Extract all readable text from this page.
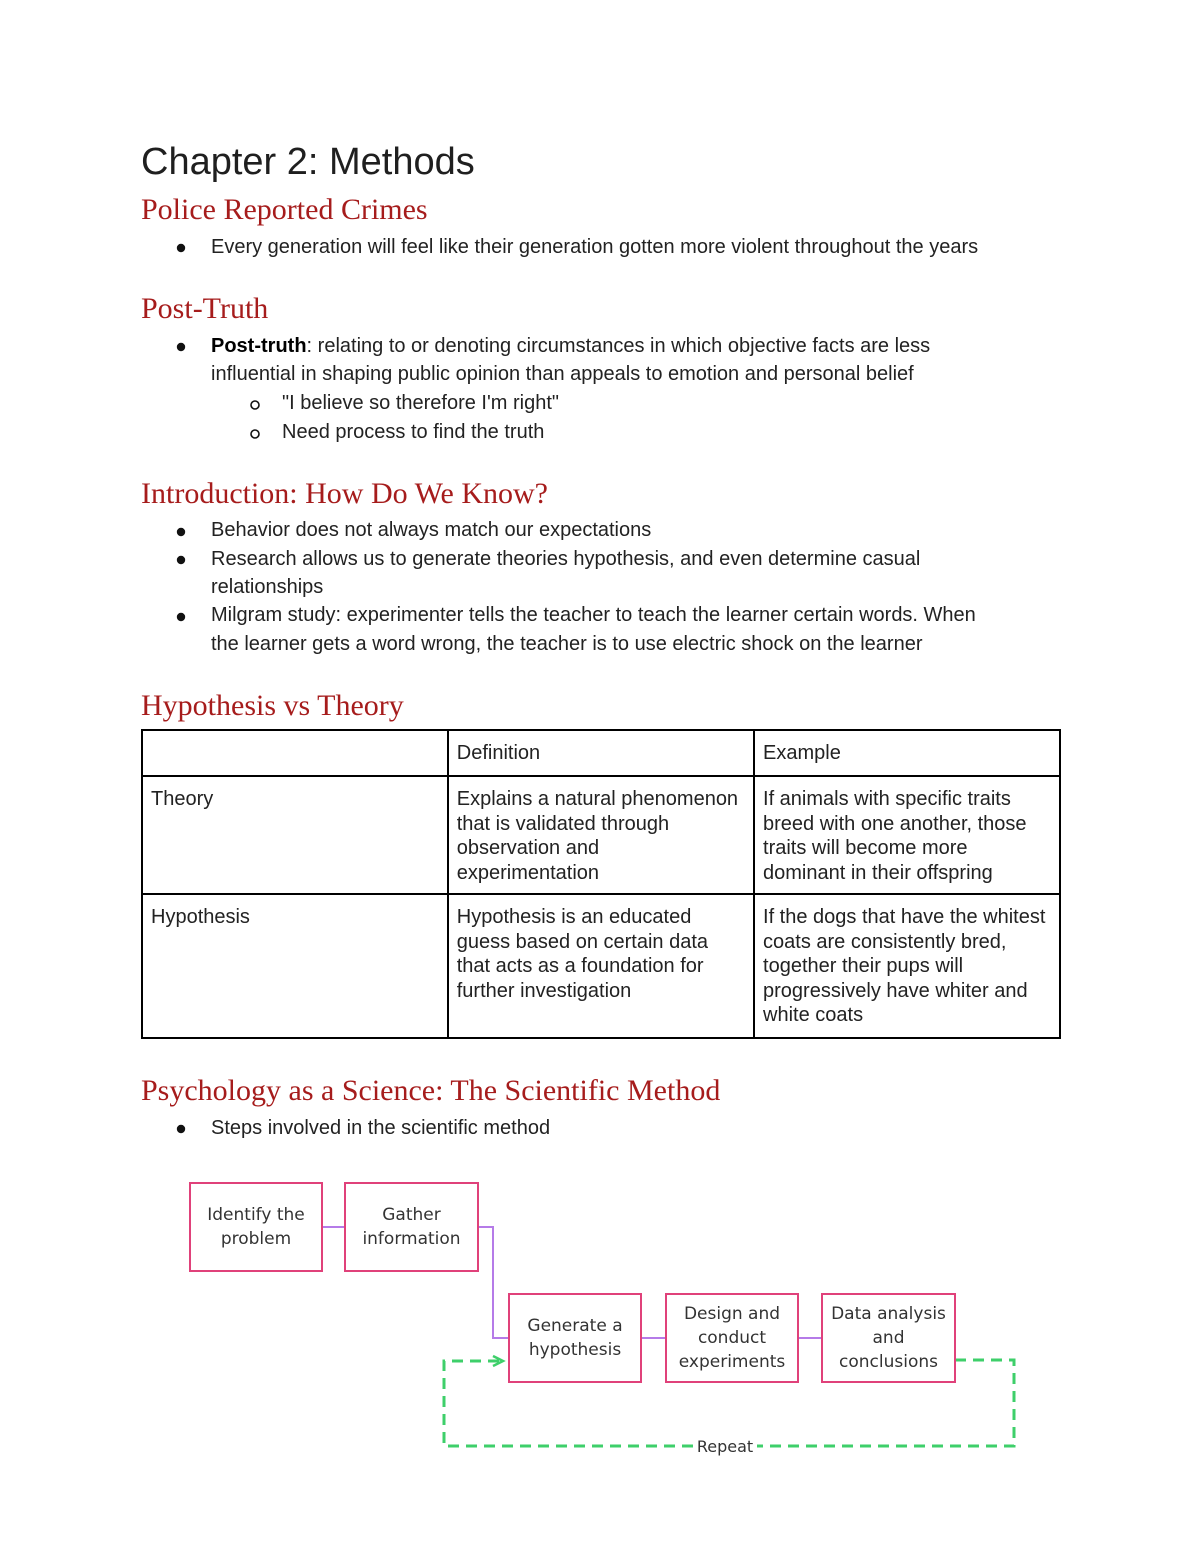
Chapter 2: Methods
Police Reported Crimes
Every generation will feel like their generation gotten more violent throughout the years
Post-Truth
Post-truth: relating to or denoting circumstances in which objective facts are less
influential in shaping public opinion than appeals to emotion and personal belief
"I believe so therefore I'm right"
Need process to find the truth
Introduction: How Do We Know?
Behavior does not always match our expectations
Research allows us to generate theories hypothesis, and even determine casual
relationships
Milgram study: experimenter tells the teacher to teach the learner certain words. When
the learner gets a word wrong, the teacher is to use electric shock on the learner
Hypothesis vs Theory
	Definition	Example
Theory	Explains a natural phenomenon that is validated through observation and experimentation	If animals with specific traits breed with one another, those traits will become more dominant in their offspring
Hypothesis	Hypothesis is an educated guess based on certain data that acts as a foundation for further investigation	If the dogs that have the whitest coats are consistently bred, together their pups will progressively have whiter and white coats
Psychology as a Science: The Scientific Method
Steps involved in the scientific method
Identify the
problem
Gather
information
Generate a
hypothesis
Design and
conduct
experiments
Data analysis
and
conclusions
Repeat
